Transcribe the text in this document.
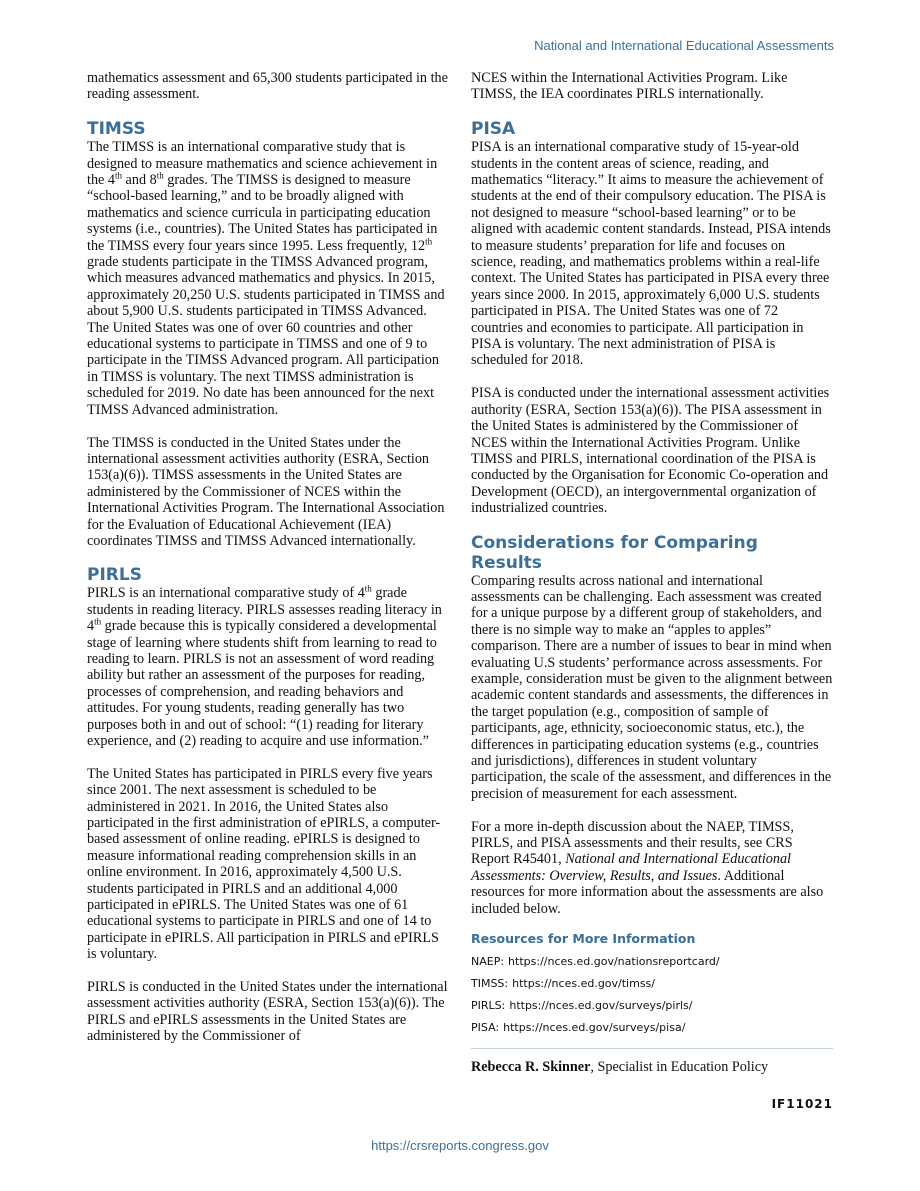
National and International Educational Assessments

mathematics assessment and 65,300 students participated in the reading assessment.

TIMSS

The TIMSS is an international comparative study that is designed to measure mathematics and science achievement in the 4th and 8th grades. The TIMSS is designed to measure “school-based learning,” and to be broadly aligned with mathematics and science curricula in participating education systems (i.e., countries). The United States has participated in the TIMSS every four years since 1995. Less frequently, 12th grade students participate in the TIMSS Advanced program, which measures advanced mathematics and physics. In 2015, approximately 20,250 U.S. students participated in TIMSS and about 5,900 U.S. students participated in TIMSS Advanced. The United States was one of over 60 countries and other educational systems to participate in TIMSS and one of 9 to participate in the TIMSS Advanced program. All participation in TIMSS is voluntary. The next TIMSS administration is scheduled for 2019. No date has been announced for the next TIMSS Advanced administration.

The TIMSS is conducted in the United States under the international assessment activities authority (ESRA, Section 153(a)(6)). TIMSS assessments in the United States are administered by the Commissioner of NCES within the International Activities Program. The International Association for the Evaluation of Educational Achievement (IEA) coordinates TIMSS and TIMSS Advanced internationally.

PIRLS

PIRLS is an international comparative study of 4th grade students in reading literacy. PIRLS assesses reading literacy in 4th grade because this is typically considered a developmental stage of learning where students shift from learning to read to reading to learn. PIRLS is not an assessment of word reading ability but rather an assessment of the purposes for reading, processes of comprehension, and reading behaviors and attitudes. For young students, reading generally has two purposes both in and out of school: “(1) reading for literary experience, and (2) reading to acquire and use information.”

The United States has participated in PIRLS every five years since 2001. The next assessment is scheduled to be administered in 2021. In 2016, the United States also participated in the first administration of ePIRLS, a computer-based assessment of online reading. ePIRLS is designed to measure informational reading comprehension skills in an online environment. In 2016, approximately 4,500 U.S. students participated in PIRLS and an additional 4,000 participated in ePIRLS. The United States was one of 61 educational systems to participate in PIRLS and one of 14 to participate in ePIRLS. All participation in PIRLS and ePIRLS is voluntary.

PIRLS is conducted in the United States under the international assessment activities authority (ESRA, Section 153(a)(6)). The PIRLS and ePIRLS assessments in the United States are administered by the Commissioner of

NCES within the International Activities Program. Like TIMSS, the IEA coordinates PIRLS internationally.

PISA

PISA is an international comparative study of 15-year-old students in the content areas of science, reading, and mathematics “literacy.” It aims to measure the achievement of students at the end of their compulsory education. The PISA is not designed to measure “school-based learning” or to be aligned with academic content standards. Instead, PISA intends to measure students’ preparation for life and focuses on science, reading, and mathematics problems within a real-life context. The United States has participated in PISA every three years since 2000. In 2015, approximately 6,000 U.S. students participated in PISA. The United States was one of 72 countries and economies to participate. All participation in PISA is voluntary. The next administration of PISA is scheduled for 2018.

PISA is conducted under the international assessment activities authority (ESRA, Section 153(a)(6)). The PISA assessment in the United States is administered by the Commissioner of NCES within the International Activities Program. Unlike TIMSS and PIRLS, international coordination of the PISA is conducted by the Organisation for Economic Co-operation and Development (OECD), an intergovernmental organization of industrialized countries.

Considerations for Comparing Results

Comparing results across national and international assessments can be challenging. Each assessment was created for a unique purpose by a different group of stakeholders, and there is no simple way to make an “apples to apples” comparison. There are a number of issues to bear in mind when evaluating U.S students’ performance across assessments. For example, consideration must be given to the alignment between academic content standards and assessments, the differences in the target population (e.g., composition of sample of participants, age, ethnicity, socioeconomic status, etc.), the differences in participating education systems (e.g., countries and jurisdictions), differences in student voluntary participation, the scale of the assessment, and differences in the precision of measurement for each assessment.

For a more in-depth discussion about the NAEP, TIMSS, PIRLS, and PISA assessments and their results, see CRS Report R45401, National and International Educational Assessments: Overview, Results, and Issues. Additional resources for more information about the assessments are also included below.

Resources for More Information
NAEP: https://nces.ed.gov/nationsreportcard/
TIMSS: https://nces.ed.gov/timss/
PIRLS: https://nces.ed.gov/surveys/pirls/
PISA: https://nces.ed.gov/surveys/pisa/

Rebecca R. Skinner, Specialist in Education Policy

IF11021
https://crsreports.congress.gov
